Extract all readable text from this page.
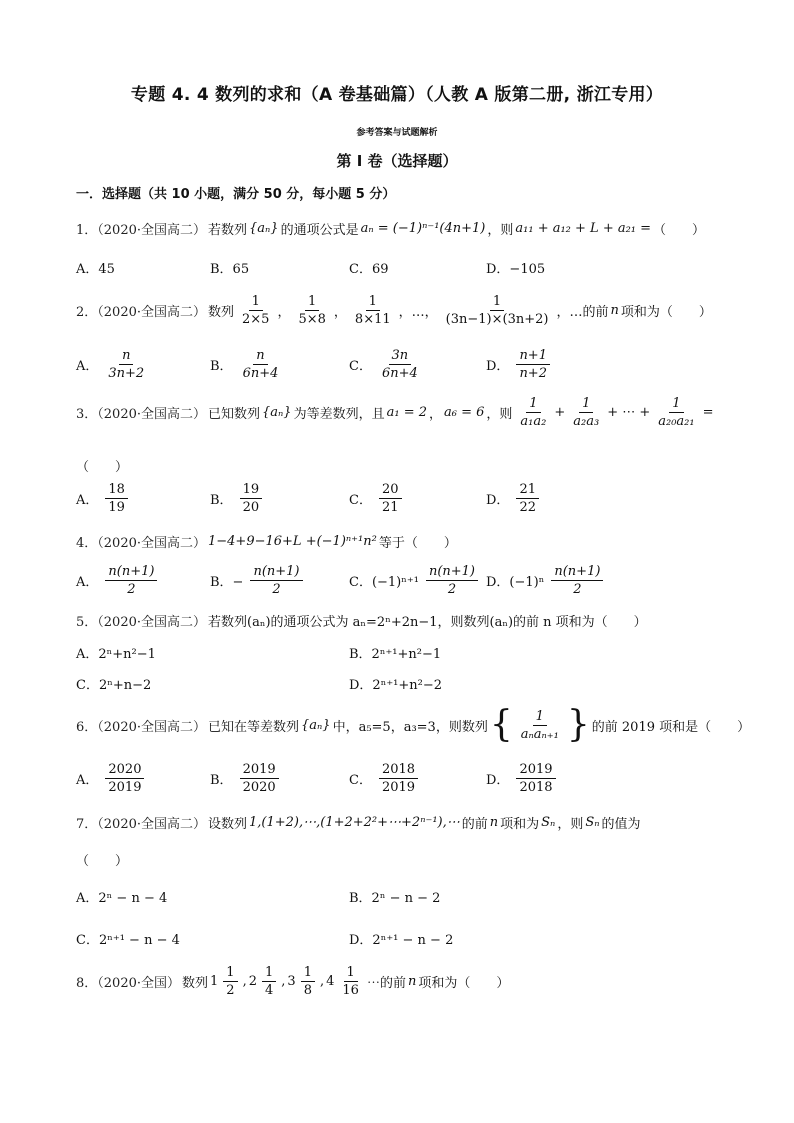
专题 4. 4 数列的求和（A 卷基础篇）（人教 A 版第二册, 浙江专用）
参考答案与试题解析
第 I 卷（选择题）
一．选择题（共 10 小题，满分 50 分，每小题 5 分）
1．（2020·全国高二） 若数列 {aₙ} 的通项公式是 aₙ = (−1)ⁿ⁻¹(4n+1) ，则 a₁₁ + a₁₂ + L + a₂₁ = （　　）
A．45	B．65	C．69	D．−105
2．（2020·全国高二） 数列 $\frac{1}{2\times 5}$ ， $\frac{1}{5\times 8}$ ， $\frac{1}{8\times 11}$ ，…， $\frac{1}{(3n-1)\times(3n+2)}$ ，…的前 n 项和为（　　）
A． $\frac{n}{3n+2}$	B． $\frac{n}{6n+4}$	C． $\frac{3n}{6n+4}$	D． $\frac{n+1}{n+2}$
3．（2020·全国高二） 已知数列 {aₙ} 为等差数列，且 a₁ = 2 ， a₆ = 6 ，则 $\frac{1}{\text{a₁a₂}} + \frac{1}{\text{a₂a₃}}$ + ⋯ + $\frac{1}{\text{a₂₀a₂₁}}$ =
（　　）
A． $\frac{18}{19}$	B． $\frac{19}{20}$	C． $\frac{20}{21}$	D． $\frac{21}{22}$
4．（2020·全国高二） 1−4+9−16+L +(−1)ⁿ⁺¹n² 等于（　　）
A． $\frac{n(n+1)}{2}$	B．− $\frac{n(n+1)}{2}$	C．$(-1)^{n+1} \frac{n(n+1)}{2}$ D．$(-1)^n \frac{n(n+1)}{2}$
5．（2020·全国高二） 若数列(aₙ)的通项公式为 aₙ=2ⁿ+2n−1，则数列(aₙ)的前 n 项和为（　　）
A．2ⁿ+n²−1	B．2ⁿ⁺¹+n²−1
C．2ⁿ+n−2	D．2ⁿ⁺¹+n²−2
6．（2020·全国高二） 已知在等差数列 {aₙ} 中，a₅=5，a₃=3，则数列 { $\frac{1}{\text{aₙaₙ₊₁}}$ } 的前 2019 项和是（　　）
A． $\frac{2020}{2019}$	B． $\frac{2019}{2020}$	C． $\frac{2018}{2019}$	D． $\frac{2019}{2018}$
7．（2020·全国高二） 设数列 1,(1+2),⋯,(1+2+2²+⋯+2ⁿ⁻¹),⋯ 的前 n 项和为 Sₙ ，则 Sₙ 的值为
（　　）
A．2ⁿ − n − 4	B．2ⁿ − n − 2
C．2ⁿ⁺¹ − n − 4	D．2ⁿ⁺¹ − n − 2
8．（2020·全国） 数列 $1 \frac{1}{2}$ , $2 \frac{1}{4}$ , $3 \frac{1}{8}$ , $4 \frac{1}{16}$ ⋯的前 n 项和为（　　）
